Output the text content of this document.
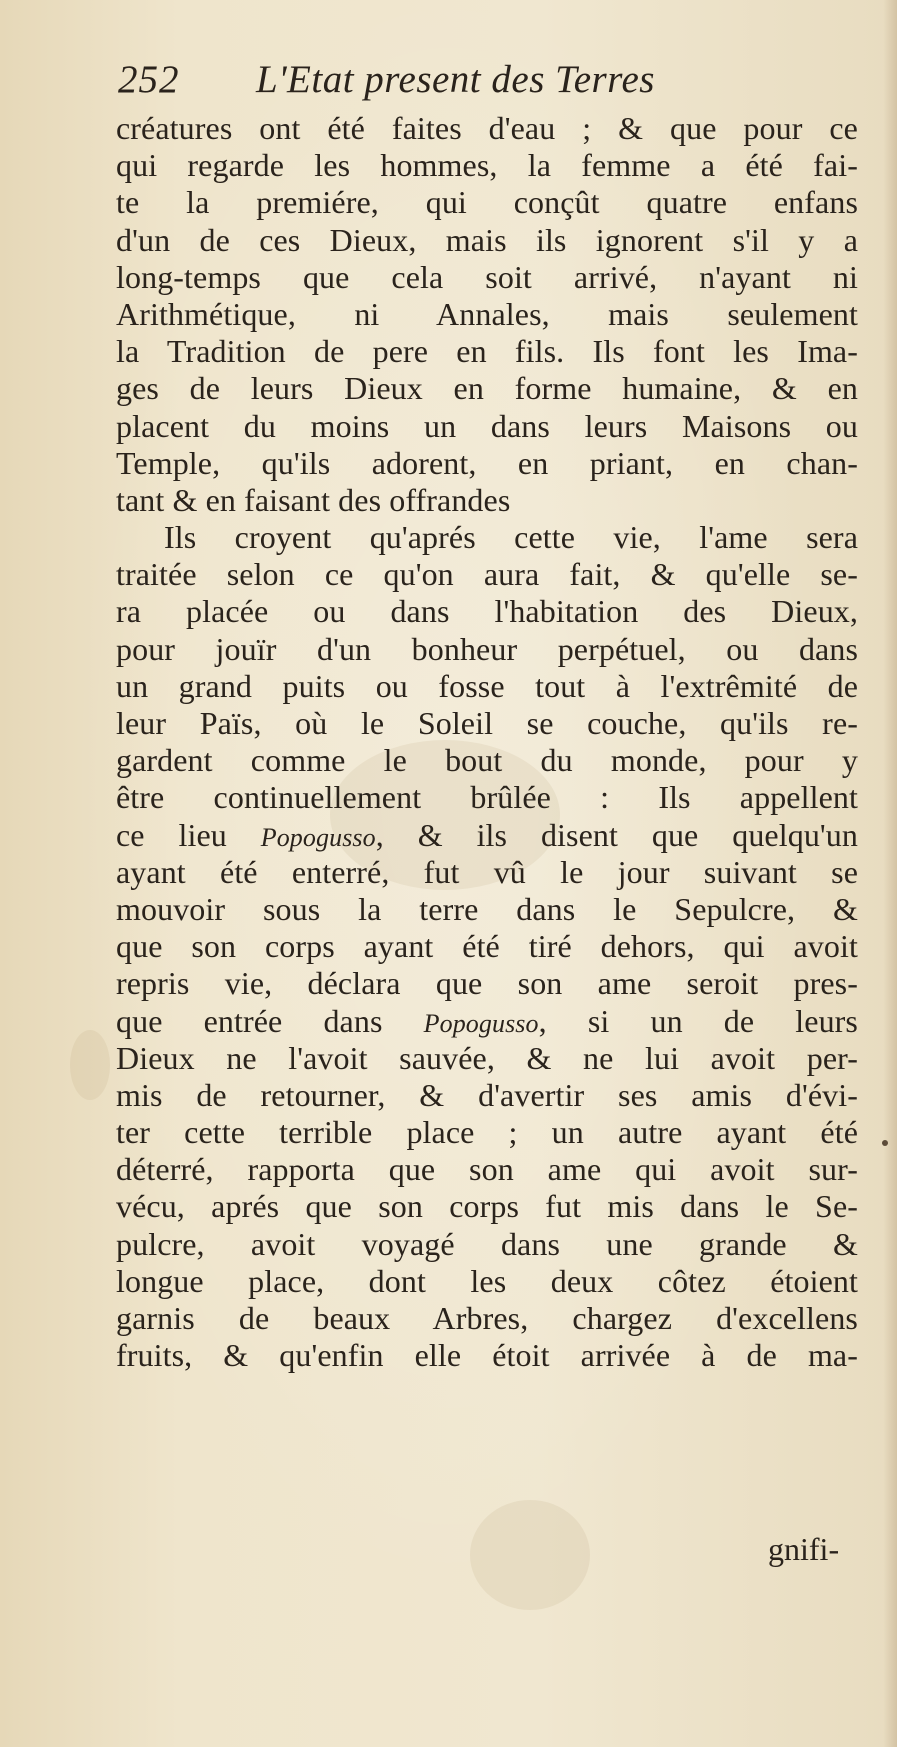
252 L'Etat present des Terres
créatures ont été faites d'eau ; & que pour ce
qui regarde les hommes, la femme a été fai-
te la premiére, qui conçût quatre enfans
d'un de ces Dieux, mais ils ignorent s'il y a
long-temps que cela soit arrivé, n'ayant ni
Arithmétique, ni Annales, mais seulement
la Tradition de pere en fils. Ils font les Ima-
ges de leurs Dieux en forme humaine, & en
placent du moins un dans leurs Maisons ou
Temple, qu'ils adorent, en priant, en chan-
tant & en faisant des offrandes
Ils croyent qu'aprés cette vie, l'ame sera
traitée selon ce qu'on aura fait, & qu'elle se-
ra placée ou dans l'habitation des Dieux,
pour jouïr d'un bonheur perpétuel, ou dans
un grand puits ou fosse tout à l'extrêmité de
leur Païs, où le Soleil se couche, qu'ils re-
gardent comme le bout du monde, pour y
être continuellement brûlée : Ils appellent
ce lieu Popogusso, & ils disent que quelqu'un
ayant été enterré, fut vû le jour suivant se
mouvoir sous la terre dans le Sepulcre, &
que son corps ayant été tiré dehors, qui avoit
repris vie, déclara que son ame seroit pres-
que entrée dans Popogusso, si un de leurs
Dieux ne l'avoit sauvée, & ne lui avoit per-
mis de retourner, & d'avertir ses amis d'évi-
ter cette terrible place ; un autre ayant été
déterré, rapporta que son ame qui avoit sur-
vécu, aprés que son corps fut mis dans le Se-
pulcre, avoit voyagé dans une grande &
longue place, dont les deux côtez étoient
garnis de beaux Arbres, chargez d'excellens
fruits, & qu'enfin elle étoit arrivée à de ma-
gnifi-
